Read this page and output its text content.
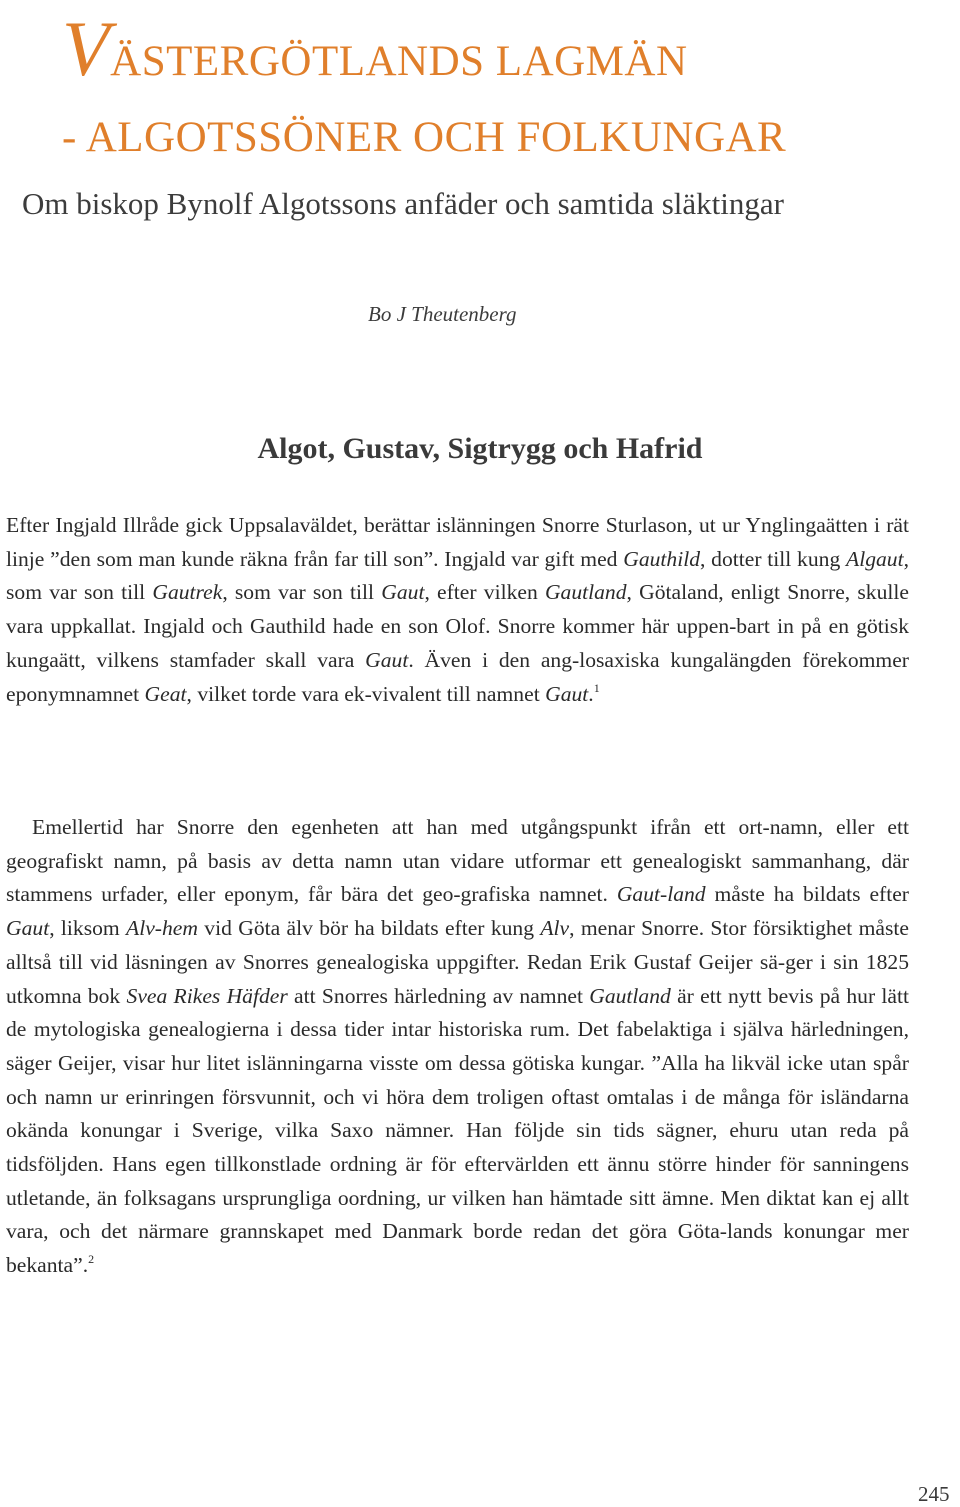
VÄSTERGÖTLANDS LAGMÄN
- ALGOTSSÖNER OCH FOLKUNGAR
Om biskop Bynolf Algotssons anfäder och samtida släktingar
Bo J Theutenberg
Algot, Gustav, Sigtrygg och Hafrid

Efter Ingjald Illråde gick Uppsalaväldet, berättar islänningen Snorre Sturlason, ut ur Ynglingaätten i rät linje ”den som man kunde räkna från far till son”. Ingjald var gift med Gauthild, dotter till kung Algaut, som var son till Gautrek, som var son till Gaut, efter vilken Gautland, Götaland, enligt Snorre, skulle vara uppkallat. Ingjald och Gauthild hade en son Olof. Snorre kommer här uppen-bart in på en götisk kungaätt, vilkens stamfader skall vara Gaut. Även i den ang-losaxiska kungalängden förekommer eponymnamnet Geat, vilket torde vara ek-vivalent till namnet Gaut.$^1$

Emellertid har Snorre den egenheten att han med utgångspunkt ifrån ett ort-namn, eller ett geografiskt namn, på basis av detta namn utan vidare utformar ett genealogiskt sammanhang, där stammens urfader, eller eponym, får bära det geo-grafiska namnet. Gaut-land måste ha bildats efter Gaut, liksom Alv-hem vid Göta älv bör ha bildats efter kung Alv, menar Snorre. Stor försiktighet måste alltså till vid läsningen av Snorres genealogiska uppgifter. Redan Erik Gustaf Geijer sä-ger i sin 1825 utkomna bok Svea Rikes Häfder att Snorres härledning av namnet Gautland är ett nytt bevis på hur lätt de mytologiska genealogierna i dessa tider intar historiska rum. Det fabelaktiga i själva härledningen, säger Geijer, visar hur litet islänningarna visste om dessa götiska kungar. ”Alla ha likväl icke utan spår och namn ur erinringen försvunnit, och vi höra dem troligen oftast omtalas i de många för isländarna okända konungar i Sverige, vilka Saxo nämner. Han följde sin tids sägner, ehuru utan reda på tidsföljden. Hans egen tillkonstlade ordning är för eftervärlden ett ännu större hinder för sanningens utletande, än folksagans ursprungliga oordning, ur vilken han hämtade sitt ämne. Men diktat kan ej allt vara, och det närmare grannskapet med Danmark borde redan det göra Göta-lands konungar mer bekanta”.$^2$

245
